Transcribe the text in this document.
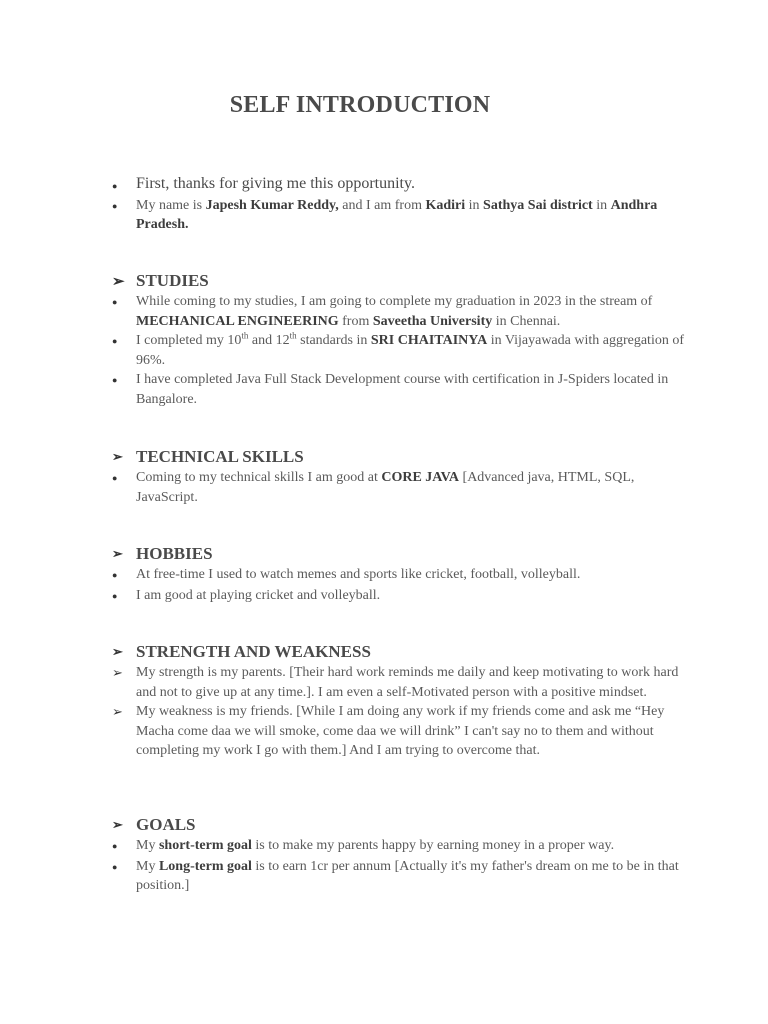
SELF INTRODUCTION
●	First, thanks for giving me this opportunity.
●	My name is Japesh Kumar Reddy, and I am from Kadiri in Sathya Sai district in Andhra Pradesh.
➢ STUDIES
●	While coming to my studies, I am going to complete my graduation in 2023 in the stream of MECHANICAL ENGINEERING from Saveetha University in Chennai.
●	I completed my 10th and 12th standards in SRI CHAITAINYA in Vijayawada with aggregation of 96%.
●	I have completed Java Full Stack Development course with certification in J-Spiders located in Bangalore.
➢ TECHNICAL SKILLS
●	Coming to my technical skills I am good at CORE JAVA [Advanced java, HTML, SQL, JavaScript.
➢ HOBBIES
●	At free-time I used to watch memes and sports like cricket, football, volleyball.
●	I am good at playing cricket and volleyball.
➢ STRENGTH AND WEAKNESS
➢ My strength is my parents. [Their hard work reminds me daily and keep motivating to work hard and not to give up at any time.]. I am even a self-Motivated person with a positive mindset.
➢ My weakness is my friends. [While I am doing any work if my friends come and ask me “Hey Macha come daa we will smoke, come daa we will drink” I can't say no to them and without completing my work I go with them.] And I am trying to overcome that.
➢ GOALS
●	My short-term goal is to make my parents happy by earning money in a proper way.
●	My Long-term goal is to earn 1cr per annum [Actually it's my father's dream on me to be in that position.]
